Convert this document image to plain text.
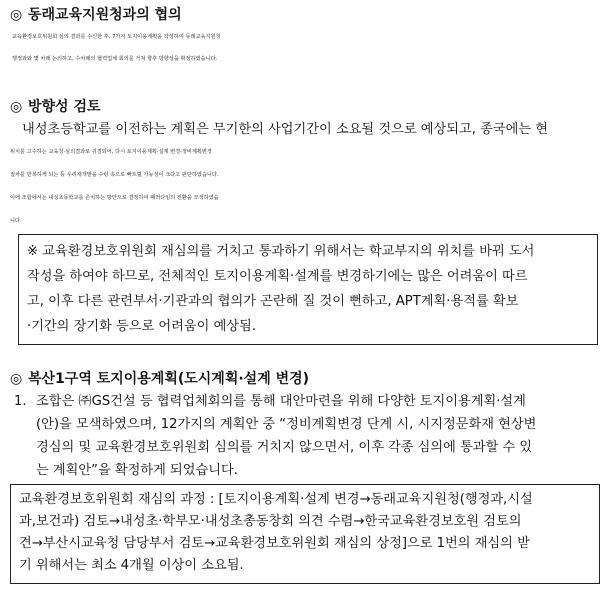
◎ 동래교육지원청과의 협의
교육환경보호위원회 심의 결과를 수신한 후, 7가지 토지이용계획을 작성하여 동래교육지원청
행정과와 몇 차례 논의하고, 수차례의 협력업체 회의를 거쳐 향후 방향성을 확정하였습니다.
◎ 방향성 검토
내성초등학교를 이전하는 계획은 무기한의 사업기간이 소요될 것으로 예상되고, 종국에는 현
위치를 고수하는 교육청·심의결과로 귀결되어, 다시 토지이용계획·설계 변경·정비계획변경
절차를 반복하게 되는 등 우리재개발을 수렁 속으로 빠트릴 가능성이 크다고 판단하였습니다.
이에 조합에서는 내성초등학교를 존치하는 방안으로 결정하여 패러다임의 전환을 모색하였습
니다.
※ 교육환경보호위원회 재심의를 거치고 통과하기 위해서는 학교부지의 위치를 바꿔 도서
작성을 하여야 하므로, 전체적인 토지이용계획·설계를 변경하기에는 많은 어려움이 따르
고, 이후 다른 관련부서·기관과의 협의가 곤란해 질 것이 뻔하고, APT계획·용적률 확보
·기간의 장기화 등으로 어려움이 예상됨.
◎ 복산1구역 토지이용계획(도시계획·설계 변경)
1. 조합은 ㈜GS건설 등 협력업체회의를 통해 대안마련을 위해 다양한 토지이용계획·설계
(안)을 모색하였으며, 12가지의 계획안 중 “정비계획변경 단계 시, 시지정문화재 현상변
경심의 및 교육환경보호위원회 심의를 거치지 않으면서, 이후 각종 심의에 통과할 수 있
는 계획안”을 확정하게 되었습니다.
교육환경보호위원회 재심의 과정 : [토지이용계획·설계 변경→동래교육지원청(행정과,시설
과,보건과) 검토→내성초·학부모·내성초총동창회 의견 수렴→한국교육환경보호원 검토의
견→부산시교육청 담당부서 검토→교육환경보호위원회 재심의 상정]으로 1번의 재심의 받
기 위해서는 최소 4개월 이상이 소요됨.
